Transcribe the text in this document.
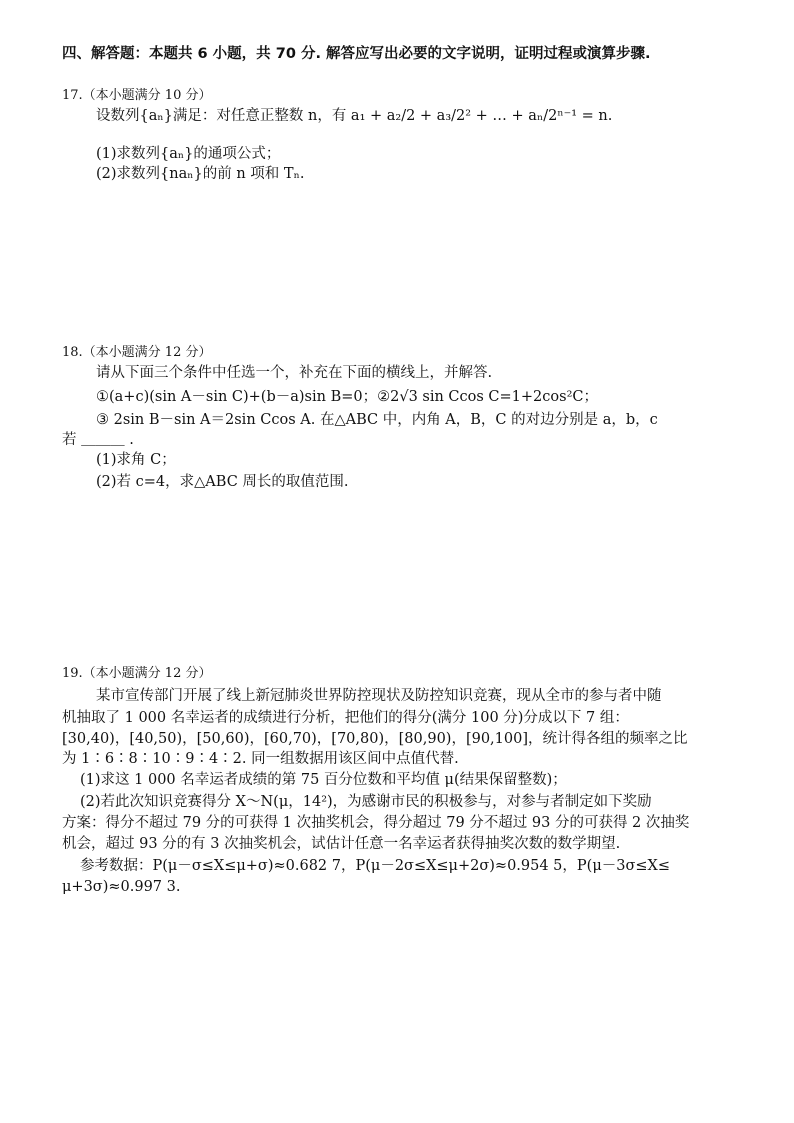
四、解答题：本题共 6 小题，共 70 分. 解答应写出必要的文字说明，证明过程或演算步骤.
17.（本小题满分 10 分）
设数列{aₙ}满足：对任意正整数 n，有 a₁ + a₂/2 + a₃/2² + … + aₙ/2ⁿ⁻¹ = n.
(1)求数列{aₙ}的通项公式；
(2)求数列{naₙ}的前 n 项和 Tₙ.
18.（本小题满分 12 分）
请从下面三个条件中任选一个，补充在下面的横线上，并解答.
①(a+c)(sin A－sin C)+(b－a)sin B=0；②2√3 sin Ccos C=1+2cos²C；
③ 2sin B－sin A＝2sin Ccos A. 在△ABC 中，内角 A，B，C 的对边分别是 a，b，c
若 ＿＿＿ .
(1)求角 C；
(2)若 c=4，求△ABC 周长的取值范围.
19.（本小题满分 12 分）
某市宣传部门开展了线上新冠肺炎世界防控现状及防控知识竞赛，现从全市的参与者中随
机抽取了 1 000 名幸运者的成绩进行分析，把他们的得分(满分 100 分)分成以下 7 组：
[30,40)，[40,50)，[50,60)，[60,70)，[70,80)，[80,90)，[90,100]，统计得各组的频率之比
为 1∶6∶8∶10∶9∶4∶2. 同一组数据用该区间中点值代替.
(1)求这 1 000 名幸运者成绩的第 75 百分位数和平均值 μ(结果保留整数)；
(2)若此次知识竞赛得分 X～N(μ，14²)，为感谢市民的积极参与，对参与者制定如下奖励
方案：得分不超过 79 分的可获得 1 次抽奖机会，得分超过 79 分不超过 93 分的可获得 2 次抽奖
机会，超过 93 分的有 3 次抽奖机会，试估计任意一名幸运者获得抽奖次数的数学期望.
参考数据：P(μ－σ≤X≤μ+σ)≈0.682 7，P(μ－2σ≤X≤μ+2σ)≈0.954 5，P(μ－3σ≤X≤
μ+3σ)≈0.997 3.
